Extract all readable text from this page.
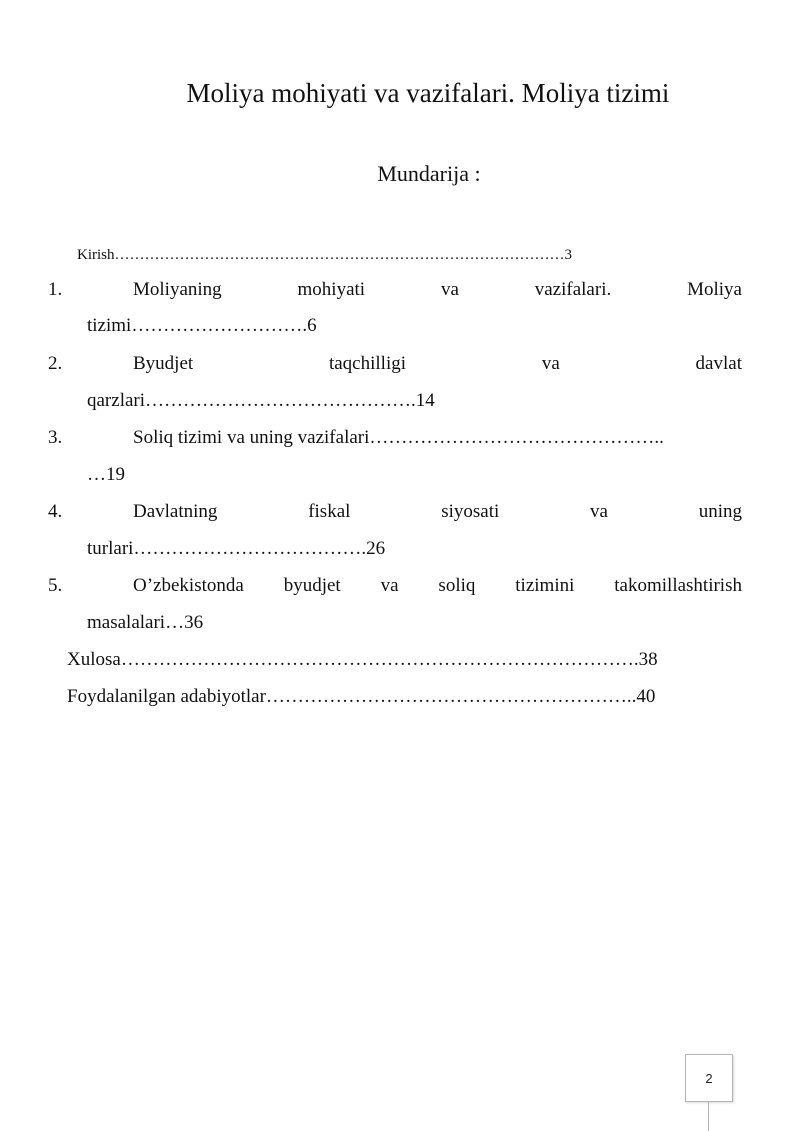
Moliya mohiyati va vazifalari. Moliya tizimi
Mundarija :
Kirish………………………………………………………………………………3
1.	Moliyaning	mohiyati	va	vazifalari.	Moliya
tizimi……………………….6
2.	Byudjet	taqchilligi	va	davlat
qarzlari…………………………………….14
3.	Soliq tizimi va uning vazifalari………………………………………..
…19
4.	Davlatning	fiskal	siyosati	va	uning
turlari……………………………….26
5.	O’zbekistonda byudjet va soliq tizimini takomillashtirish
masalalari…36
Xulosa……………………………………………………………………….38
Foydalanilgan adabiyotlar…………………………………………………..40
2
